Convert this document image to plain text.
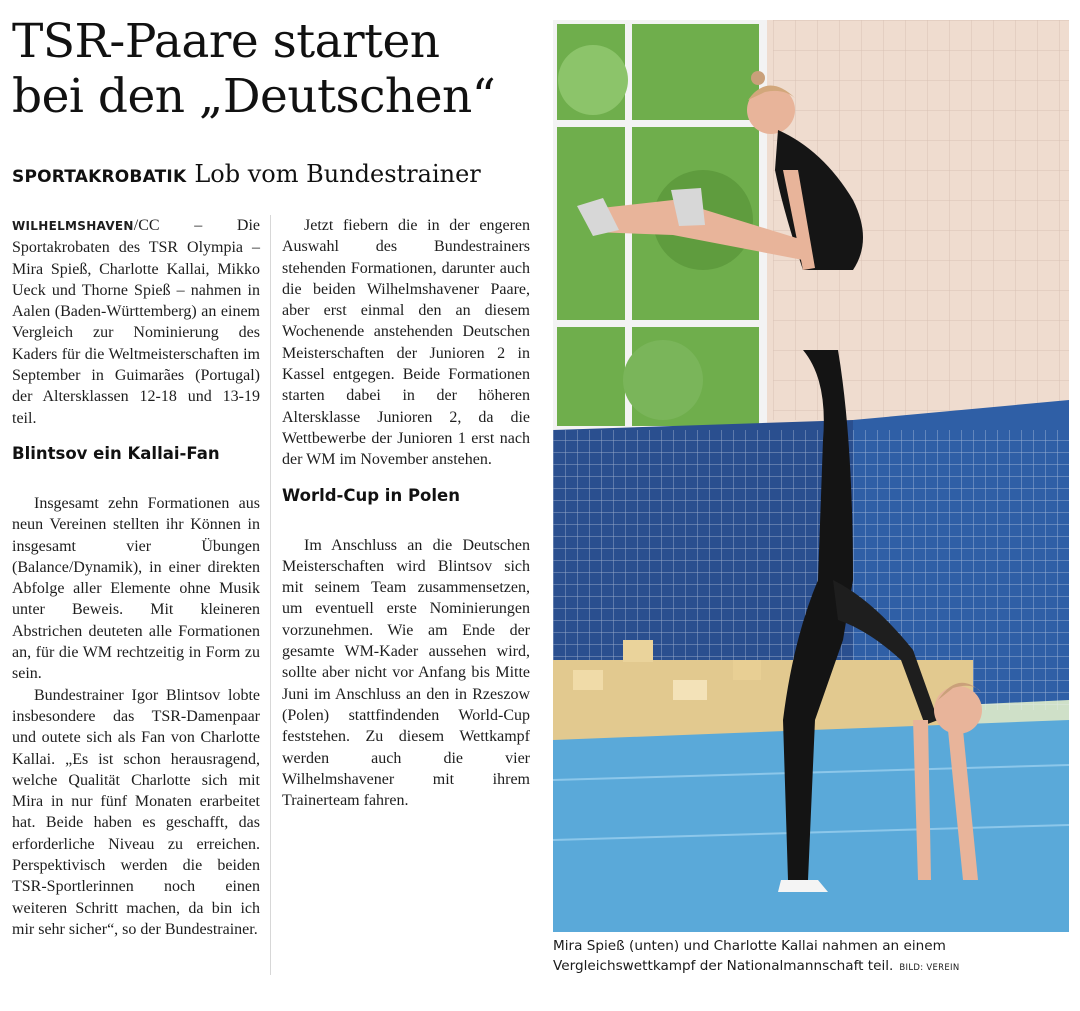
TSR-Paare starten
bei den „Deutschen“
SPORTAKROBATIK Lob vom Bundestrainer

WILHELMSHAVEN/CC – Die Sportakrobaten des TSR Olympia – Mira Spieß, Charlotte Kallai, Mikko Ueck und Thorne Spieß – nahmen in Aalen (Baden-Württemberg) an einem Vergleich zur Nominierung des Kaders für die Weltmeisterschaften im September in Guimarães (Portugal) der Altersklassen 12-18 und 13-19 teil.

Blintsov ein Kallai-Fan

Insgesamt zehn Formationen aus neun Vereinen stellten ihr Können in insgesamt vier Übungen (Balance/Dynamik), in einer direkten Abfolge aller Elemente ohne Musik unter Beweis. Mit kleineren Abstrichen deuteten alle Formationen an, für die WM rechtzeitig in Form zu sein.

Bundestrainer Igor Blintsov lobte insbesondere das TSR-Damenpaar und outete sich als Fan von Charlotte Kallai. „Es ist schon herausragend, welche Qualität Charlotte sich mit Mira in nur fünf Monaten erarbeitet hat. Beide haben es geschafft, das erforderliche Niveau zu erreichen. Perspektivisch werden die beiden TSR-Sportlerinnen noch einen weiteren Schritt machen, da bin ich mir sehr sicher“, so der Bundestrainer.

Jetzt fiebern die in der engeren Auswahl des Bundestrainers stehenden Formationen, darunter auch die beiden Wilhelmshavener Paare, aber erst einmal den an diesem Wochenende anstehenden Deutschen Meisterschaften der Junioren 2 in Kassel entgegen. Beide Formationen starten dabei in der höheren Altersklasse Junioren 2, da die Wettbewerbe der Junioren 1 erst nach der WM im November anstehen.

World-Cup in Polen

Im Anschluss an die Deutschen Meisterschaften wird Blintsov sich mit seinem Team zusammensetzen, um eventuell erste Nominierungen vorzunehmen. Wie am Ende der gesamte WM-Kader aussehen wird, sollte aber nicht vor Anfang bis Mitte Juni im Anschluss an den in Rzeszow (Polen) stattfindenden World-Cup feststehen. Zu diesem Wettkampf werden auch die vier Wilhelmshavener mit ihrem Trainerteam fahren.

Mira Spieß (unten) und Charlotte Kallai nahmen an einem Vergleichswettkampf der Nationalmannschaft teil. BILD: VEREIN
